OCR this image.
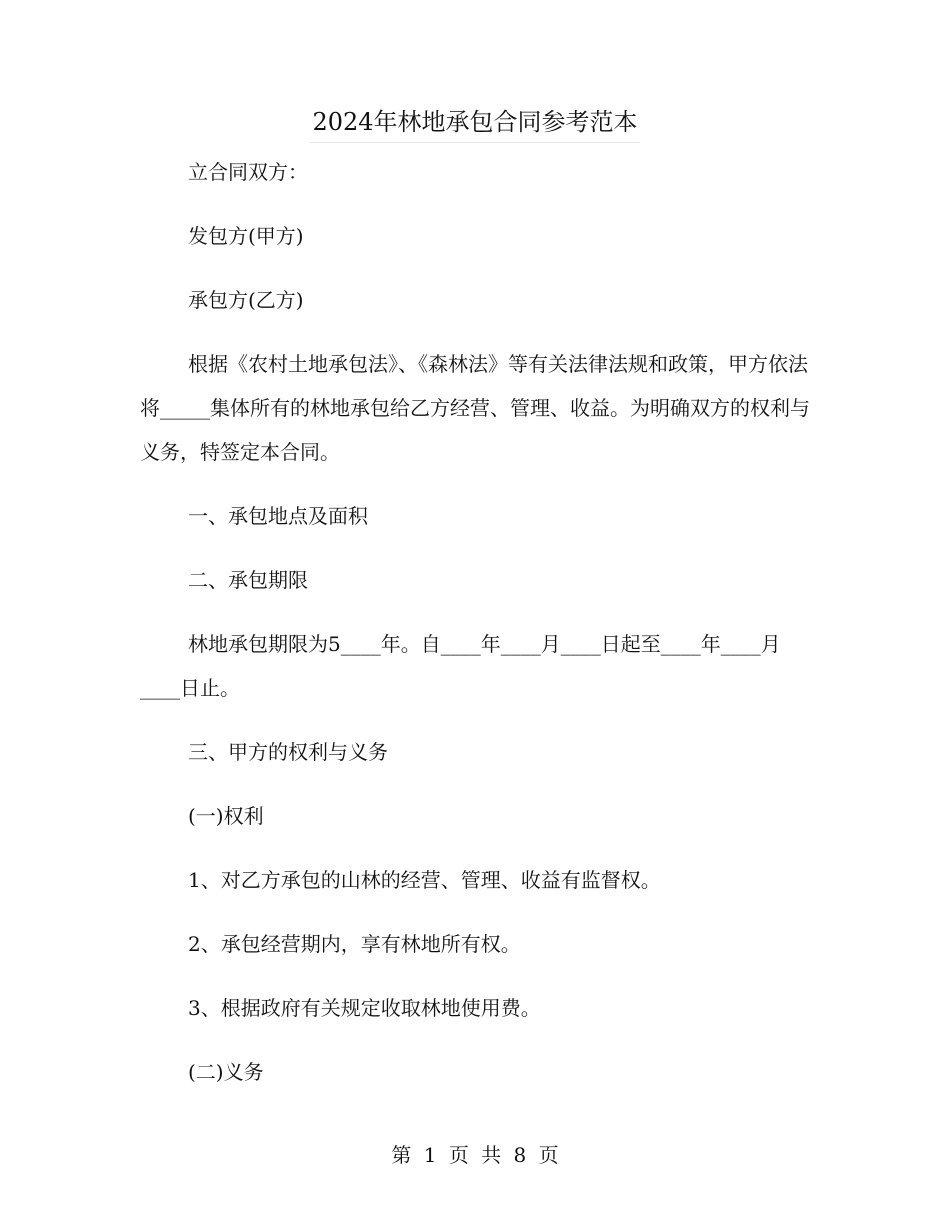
2024年林地承包合同参考范本

立合同双方：

发包方(甲方)

承包方(乙方)

根据《农村土地承包法》、《森林法》等有关法律法规和政策，甲方依法将_____集体所有的林地承包给乙方经营、管理、收益。为明确双方的权利与义务，特签定本合同。

一、承包地点及面积

二、承包期限

林地承包期限为5____年。自____年____月____日起至____年____月____日止。

三、甲方的权利与义务

(一)权利

1、对乙方承包的山林的经营、管理、收益有监督权。

2、承包经营期内，享有林地所有权。

3、根据政府有关规定收取林地使用费。

(二)义务

第 1 页 共 8 页
